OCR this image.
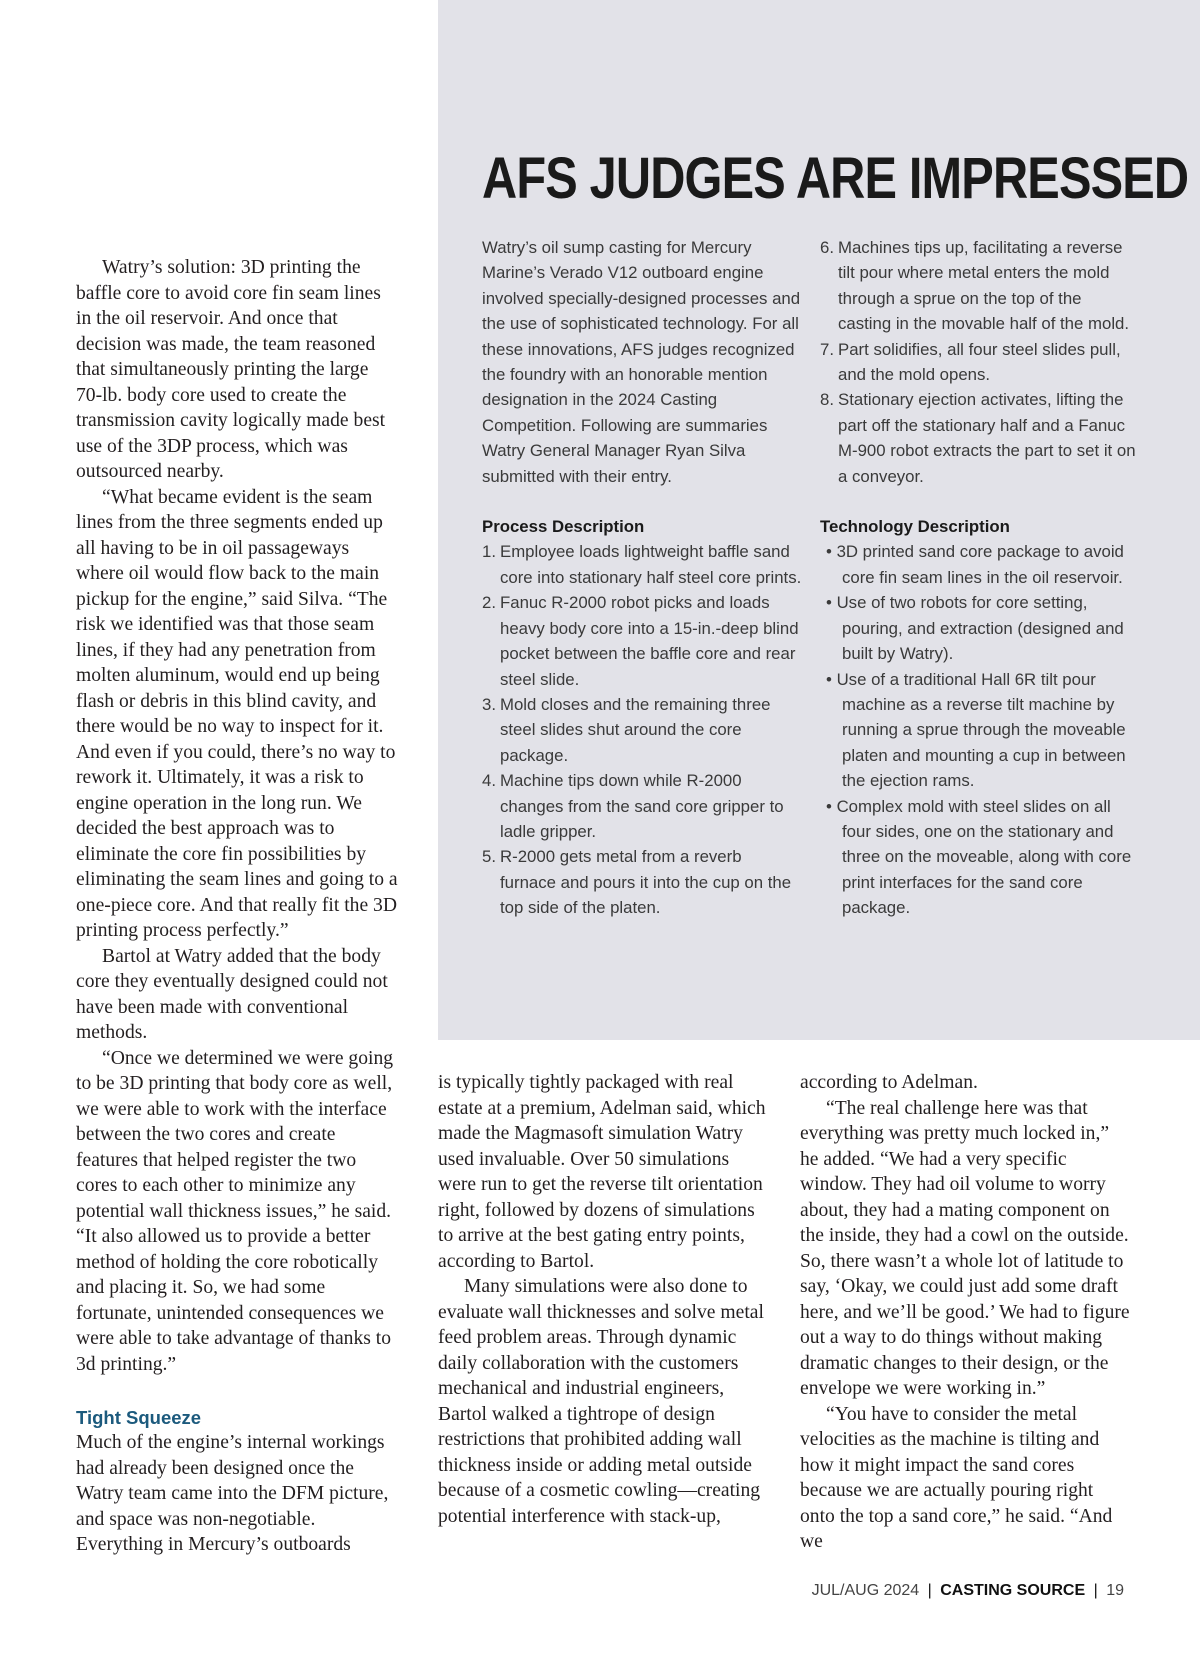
Watry’s solution: 3D printing the baffle core to avoid core fin seam lines in the oil reservoir. And once that decision was made, the team reasoned that simultaneously printing the large 70-lb. body core used to create the transmission cavity logically made best use of the 3DP process, which was outsourced nearby.

“What became evident is the seam lines from the three segments ended up all having to be in oil passageways where oil would flow back to the main pickup for the engine,” said Silva. “The risk we identified was that those seam lines, if they had any penetration from molten aluminum, would end up being flash or debris in this blind cavity, and there would be no way to inspect for it. And even if you could, there’s no way to rework it. Ultimately, it was a risk to engine operation in the long run. We decided the best approach was to eliminate the core fin possibilities by eliminating the seam lines and going to a one-piece core. And that really fit the 3D printing process perfectly.”

Bartol at Watry added that the body core they eventually designed could not have been made with conventional methods.

“Once we determined we were going to be 3D printing that body core as well, we were able to work with the interface between the two cores and create features that helped register the two cores to each other to minimize any potential wall thickness issues,” he said. “It also allowed us to provide a better method of holding the core robotically and placing it. So, we had some fortunate, unintended consequences we were able to take advantage of thanks to 3d printing.”

Tight Squeeze

Much of the engine’s internal workings had already been designed once the Watry team came into the DFM picture, and space was non-negotiable. Everything in Mercury’s outboards

AFS JUDGES ARE IMPRESSED

Watry’s oil sump casting for Mercury Marine’s Verado V12 outboard engine involved specially-designed processes and the use of sophisticated technology. For all these innovations, AFS judges recognized the foundry with an honorable mention designation in the 2024 Casting Competition. Following are summaries Watry General Manager Ryan Silva submitted with their entry.

Process Description

1. Employee loads lightweight baffle sand core into stationary half steel core prints.
2. Fanuc R-2000 robot picks and loads heavy body core into a 15-in.-deep blind pocket between the baffle core and rear steel slide.
3. Mold closes and the remaining three steel slides shut around the core package.
4. Machine tips down while R-2000 changes from the sand core gripper to ladle gripper.
5. R-2000 gets metal from a reverb furnace and pours it into the cup on the top side of the platen.
6. Machines tips up, facilitating a reverse tilt pour where metal enters the mold through a sprue on the top of the casting in the movable half of the mold.
7. Part solidifies, all four steel slides pull, and the mold opens.
8. Stationary ejection activates, lifting the part off the stationary half and a Fanuc M-900 robot extracts the part to set it on a conveyor.

Technology Description

• 3D printed sand core package to avoid core fin seam lines in the oil reservoir.
• Use of two robots for core setting, pouring, and extraction (designed and built by Watry).
• Use of a traditional Hall 6R tilt pour machine as a reverse tilt machine by running a sprue through the moveable platen and mounting a cup in between the ejection rams.
• Complex mold with steel slides on all four sides, one on the stationary and three on the moveable, along with core print interfaces for the sand core package.

is typically tightly packaged with real estate at a premium, Adelman said, which made the Magmasoft simulation Watry used invaluable. Over 50 simulations were run to get the reverse tilt orientation right, followed by dozens of simulations to arrive at the best gating entry points, according to Bartol.

Many simulations were also done to evaluate wall thicknesses and solve metal feed problem areas. Through dynamic daily collaboration with the customers mechanical and industrial engineers, Bartol walked a tightrope of design restrictions that prohibited adding wall thickness inside or adding metal outside because of a cosmetic cowling—creating potential interference with stack-up,

according to Adelman.

“The real challenge here was that everything was pretty much locked in,” he added. “We had a very specific window. They had oil volume to worry about, they had a mating component on the inside, they had a cowl on the outside. So, there wasn’t a whole lot of latitude to say, ‘Okay, we could just add some draft here, and we’ll be good.’ We had to figure out a way to do things without making dramatic changes to their design, or the envelope we were working in.”

“You have to consider the metal velocities as the machine is tilting and how it might impact the sand cores because we are actually pouring right onto the top a sand core,” he said. “And we

JUL/AUG 2024 | CASTING SOURCE | 19
